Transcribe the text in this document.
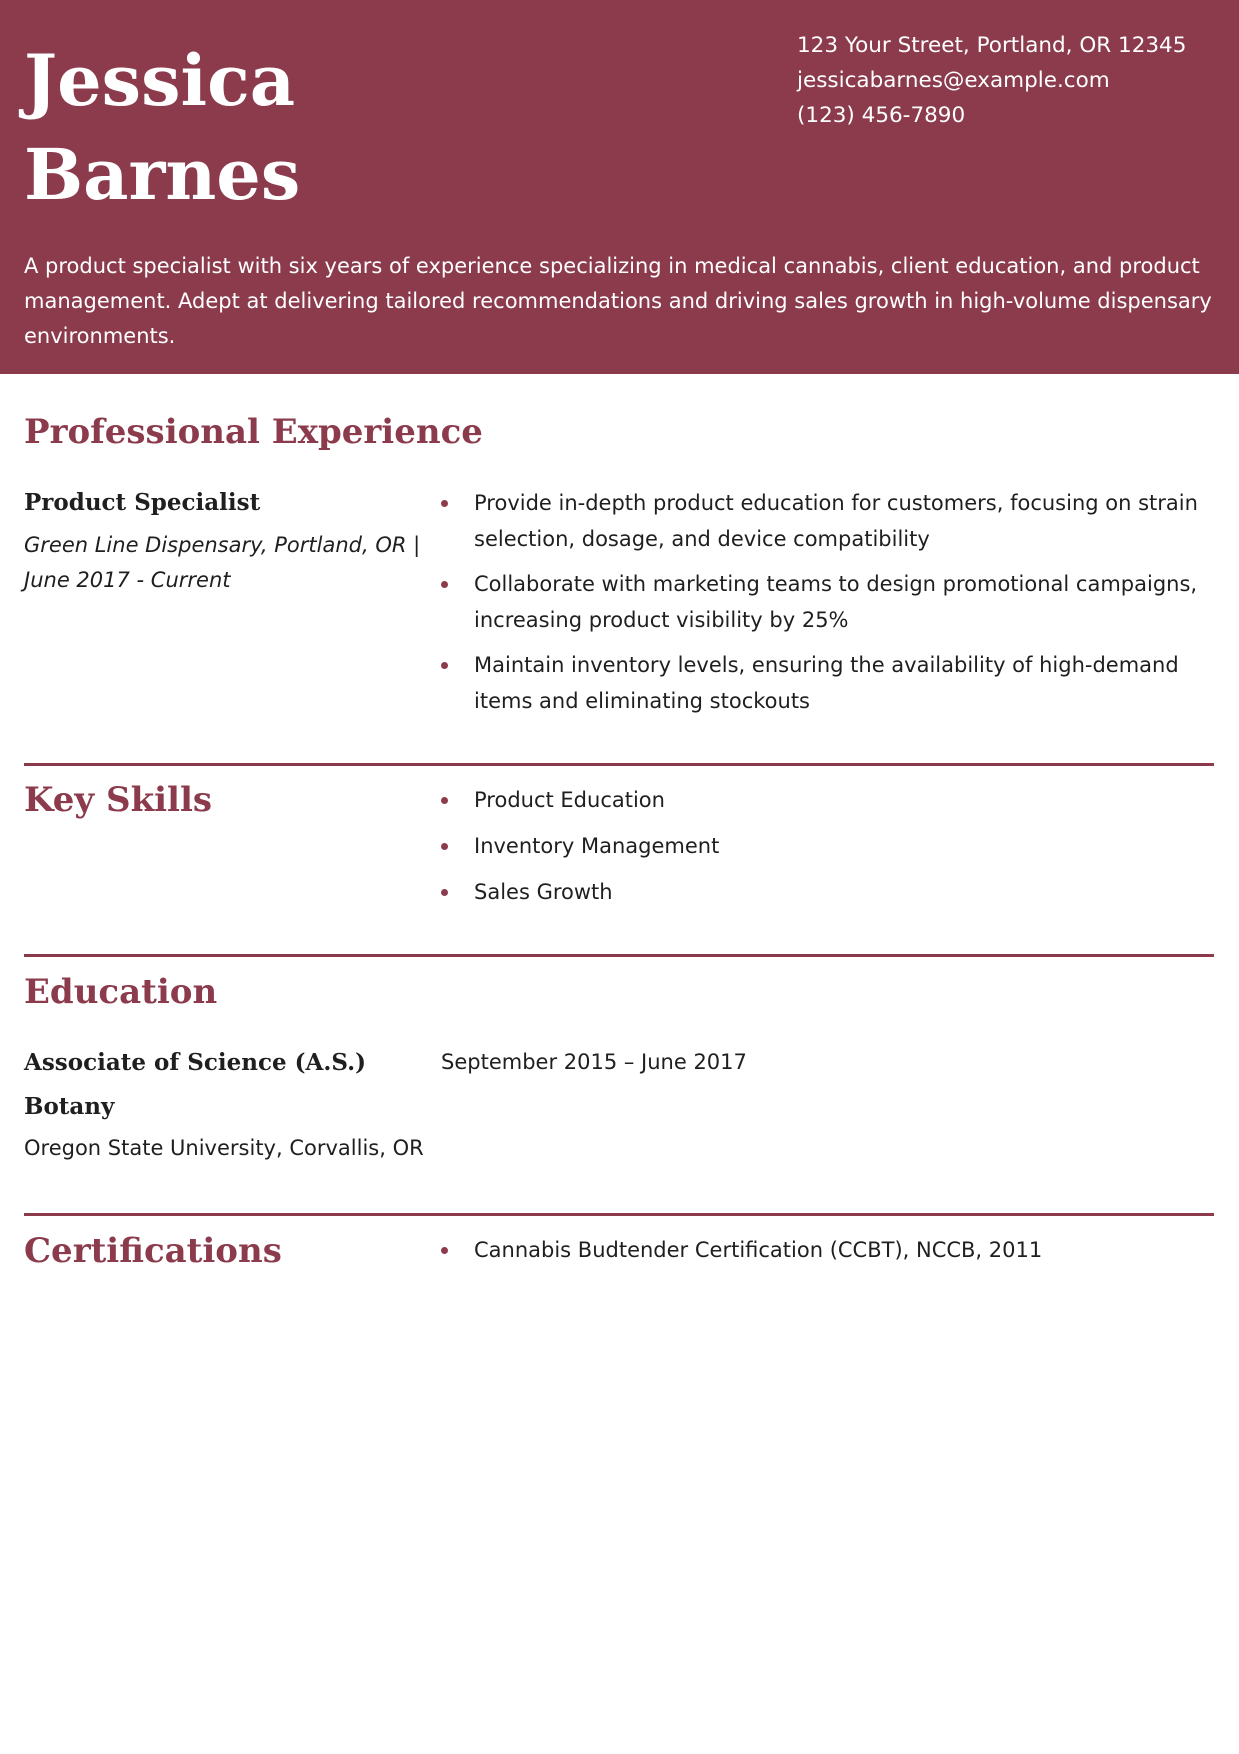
Jessica
Barnes
123 Your Street, Portland, OR 12345
jessicabarnes@example.com
(123) 456-7890

A product specialist with six years of experience specializing in medical cannabis, client education, and product management. Adept at delivering tailored recommendations and driving sales growth in high-volume dispensary environments.

Professional Experience
Product Specialist
Green Line Dispensary, Portland, OR | June 2017 - Current
Provide in-depth product education for customers, focusing on strain selection, dosage, and device compatibility
Collaborate with marketing teams to design promotional campaigns, increasing product visibility by 25%
Maintain inventory levels, ensuring the availability of high-demand items and eliminating stockouts
Key Skills	Product Education
Inventory Management
Sales Growth
Education
Associate of Science (A.S.)
Botany
Oregon State University, Corvallis, OR
September 2015 – June 2017
Certifications	Cannabis Budtender Certification (CCBT), NCCB, 2011
